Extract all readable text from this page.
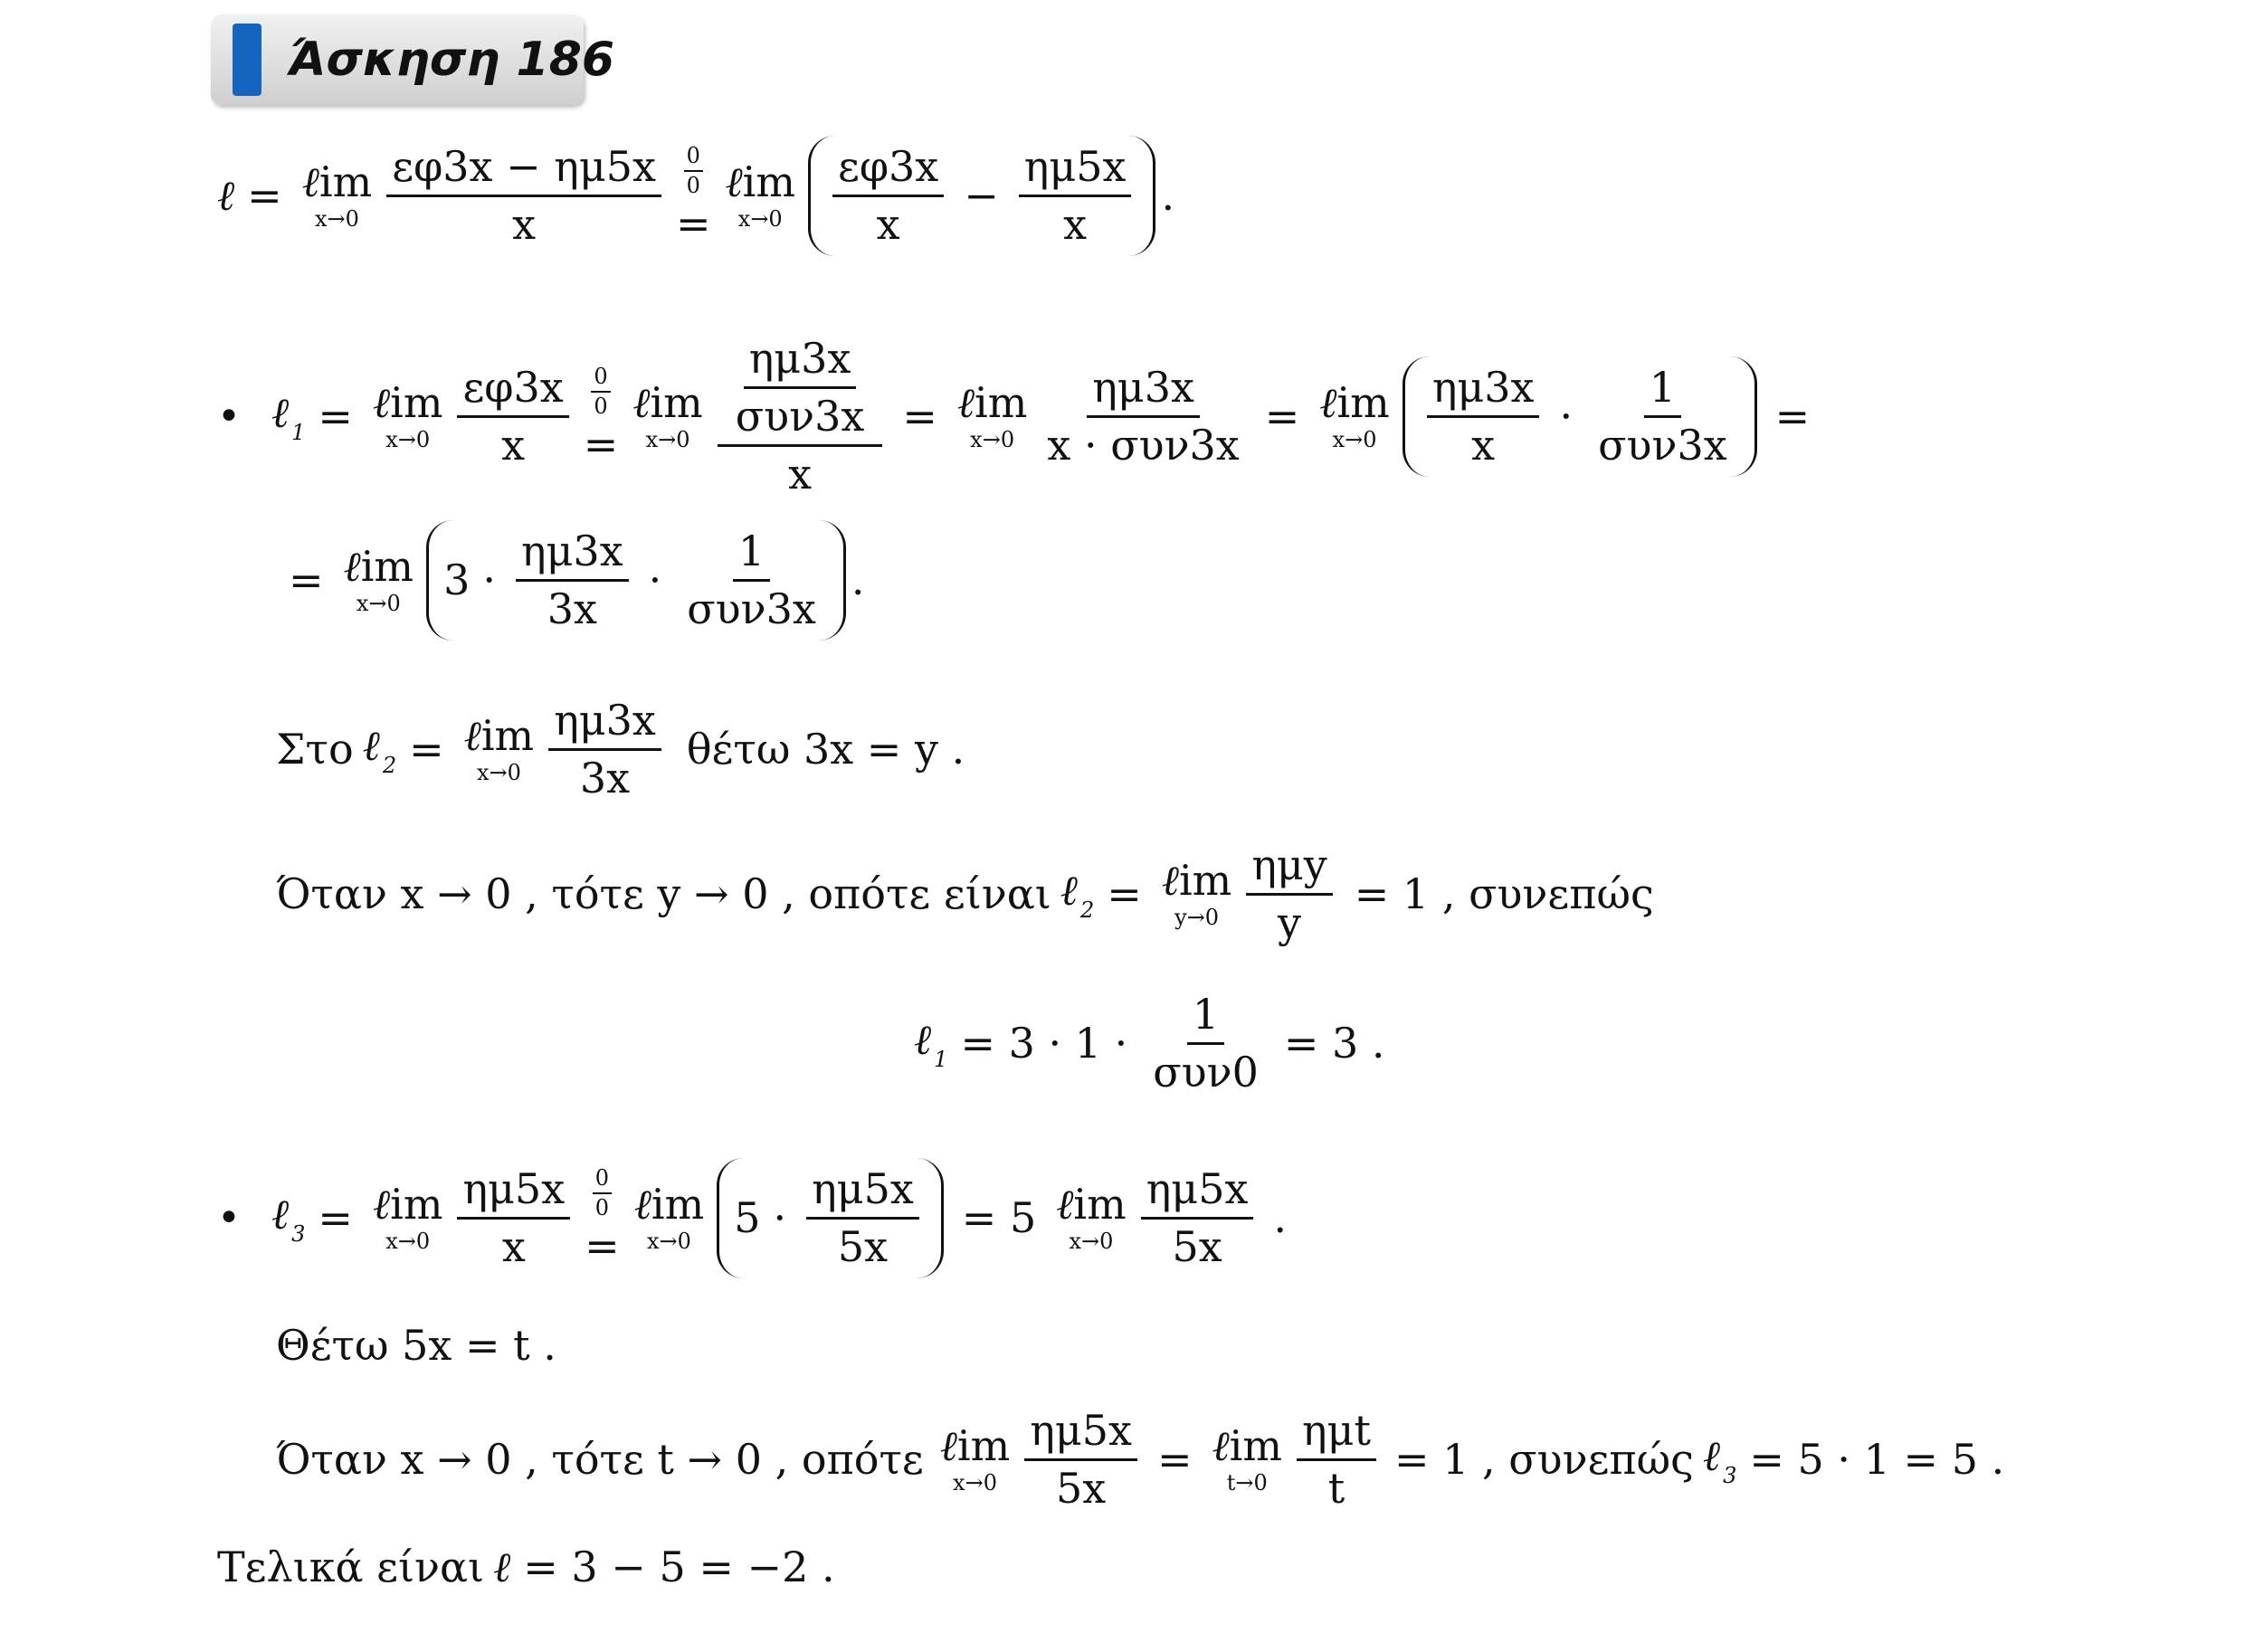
Άσκηση 186
ℓ = ℓim
$x\to 0 \frac{\varepsilon\varphi 3x - \eta\mu 5x}{x} \frac{0}{0}$
=
ℓim
$x\to 0 \frac{\varepsilon\varphi 3x}{x} - \frac{\eta\mu 5x}{x}$ .
• ℓ $_1$ = ℓim
$x\to 0 \frac{\varepsilon\varphi 3x}{x} \frac{0}{0}$
=
ℓim
$x\to 0 \frac{\frac{\eta\mu 3x}{\text{συν3x}}}{x}$ = ℓim
$x\to 0 \frac{\eta\mu 3x}{\text{x · συν3x}}$ = ℓim
$x\to 0 \frac{\eta\mu 3x}{x} \cdot \frac{1}{\text{συν3x}}$ =
= ℓim
x→0 $3 \cdot \frac{\eta\mu 3x}{3x} \cdot \frac{1}{\text{συν3x}}$ .
Στο ℓ $_2$ = ℓim
$x\to 0 \frac{\eta\mu 3x}{3x}$ θέτω 3x = y .
Όταν x → 0 , τότε y → 0 , οπότε είναι ℓ $_2$ = ℓim
$y\to 0 \frac{\text{ημy}}{y} = 1$ , συνεπώς
ℓ $_1 = 3 \cdot 1 \cdot \frac{1}{\text{συν0}} = 3$ .
• ℓ $_3$ = ℓim
$x\to 0 \frac{\eta\mu 5x}{x} \frac{0}{0}$
=
ℓim
x→0 $5 \cdot \frac{\eta\mu 5x}{5x} = 5$ ℓim
$x\to 0 \frac{\eta\mu 5x}{5x}$ .
Θέτω 5x = t .
Όταν x → 0 , τότε t → 0 , οπότε ℓim
$x\to 0 \frac{\eta\mu 5x}{5x}$ = ℓim
$t\to 0 \frac{\text{ημt}}{t} = 1$ , συνεπώς ℓ $_3$ = 5 · 1 = 5 .
Τελικά είναι ℓ = 3 − 5 = −2 .
